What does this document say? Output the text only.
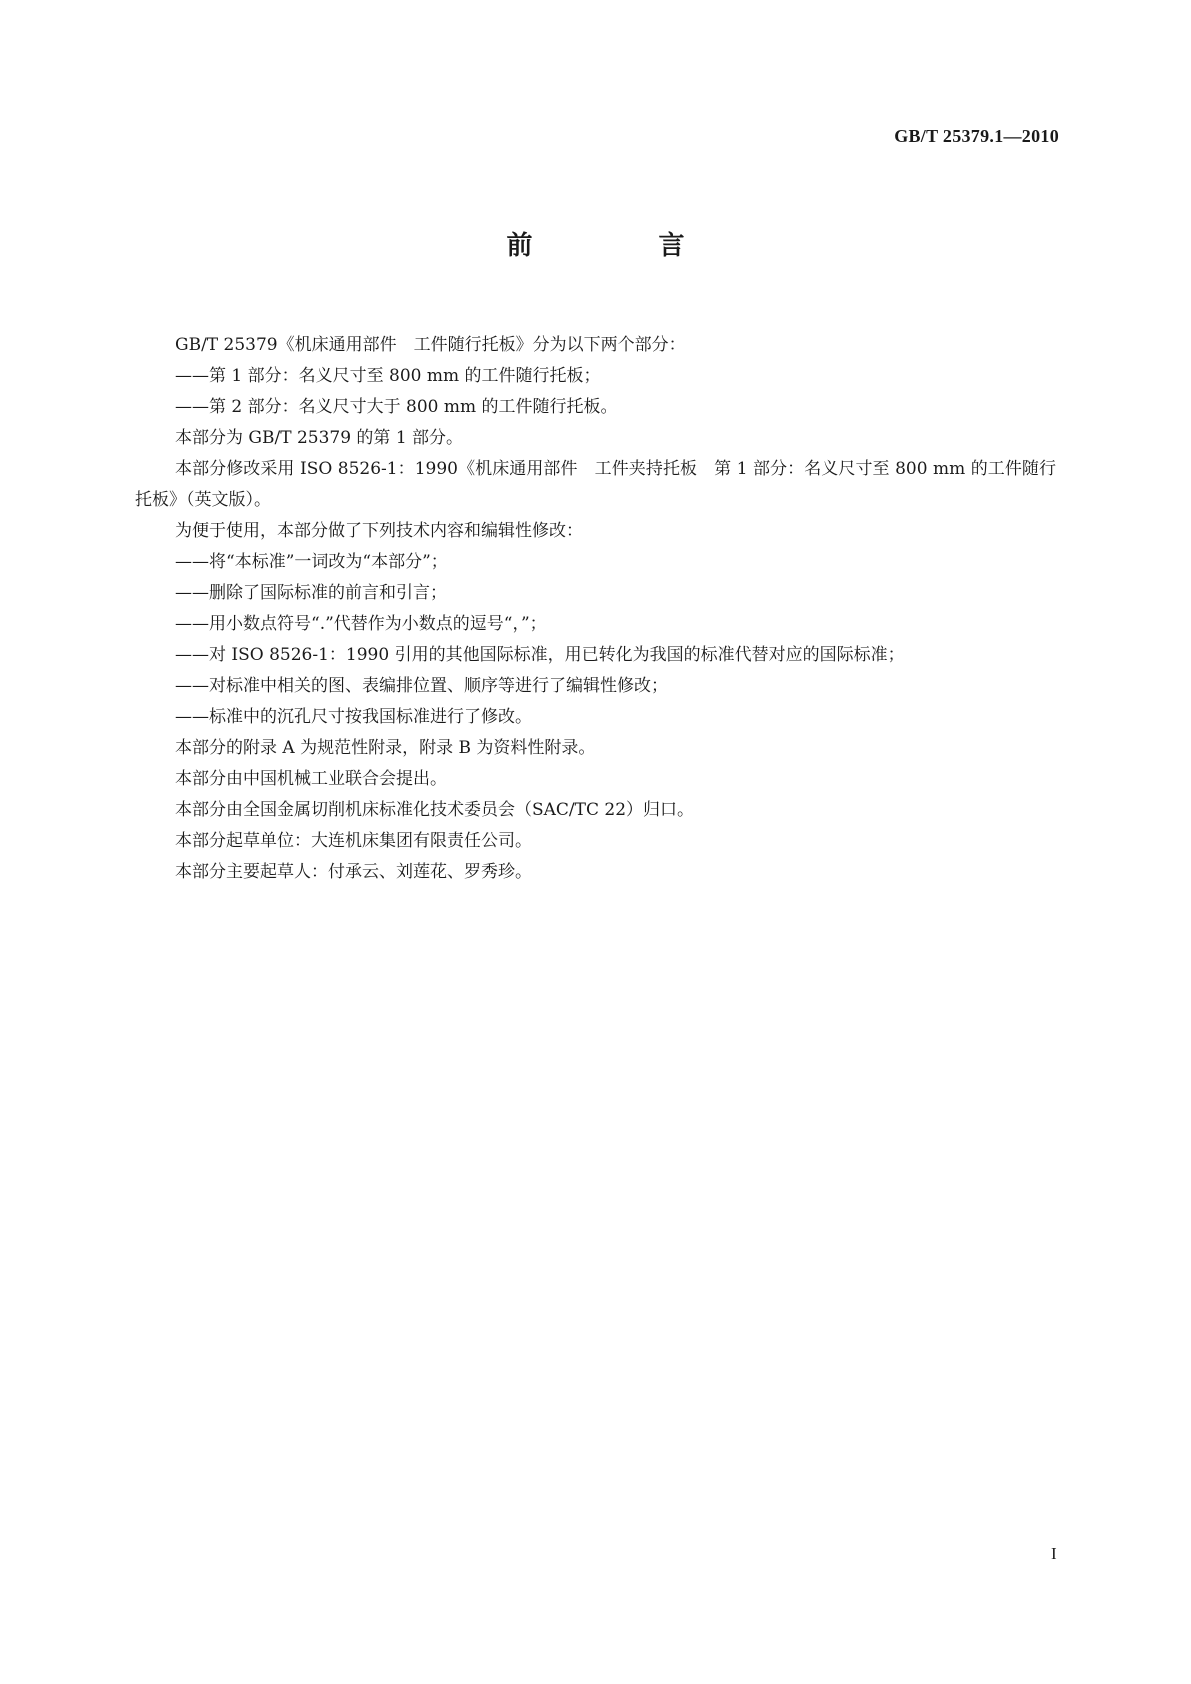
GB/T 25379.1—2010
前　言

GB/T 25379《机床通用部件　工件随行托板》分为以下两个部分：

——第 1 部分：名义尺寸至 800 mm 的工件随行托板；

——第 2 部分：名义尺寸大于 800 mm 的工件随行托板。

本部分为 GB/T 25379 的第 1 部分。

本部分修改采用 ISO 8526-1：1990《机床通用部件　工件夹持托板　第 1 部分：名义尺寸至 800 mm 的工件随行托板》（英文版）。

为便于使用，本部分做了下列技术内容和编辑性修改：

——将“本标准”一词改为“本部分”；

——删除了国际标准的前言和引言；

——用小数点符号“.”代替作为小数点的逗号“，”；

——对 ISO 8526-1：1990 引用的其他国际标准，用已转化为我国的标准代替对应的国际标准；

——对标准中相关的图、表编排位置、顺序等进行了编辑性修改；

——标准中的沉孔尺寸按我国标准进行了修改。

本部分的附录 A 为规范性附录，附录 B 为资料性附录。

本部分由中国机械工业联合会提出。

本部分由全国金属切削机床标准化技术委员会（SAC/TC 22）归口。

本部分起草单位：大连机床集团有限责任公司。

本部分主要起草人：付承云、刘莲花、罗秀珍。

I
